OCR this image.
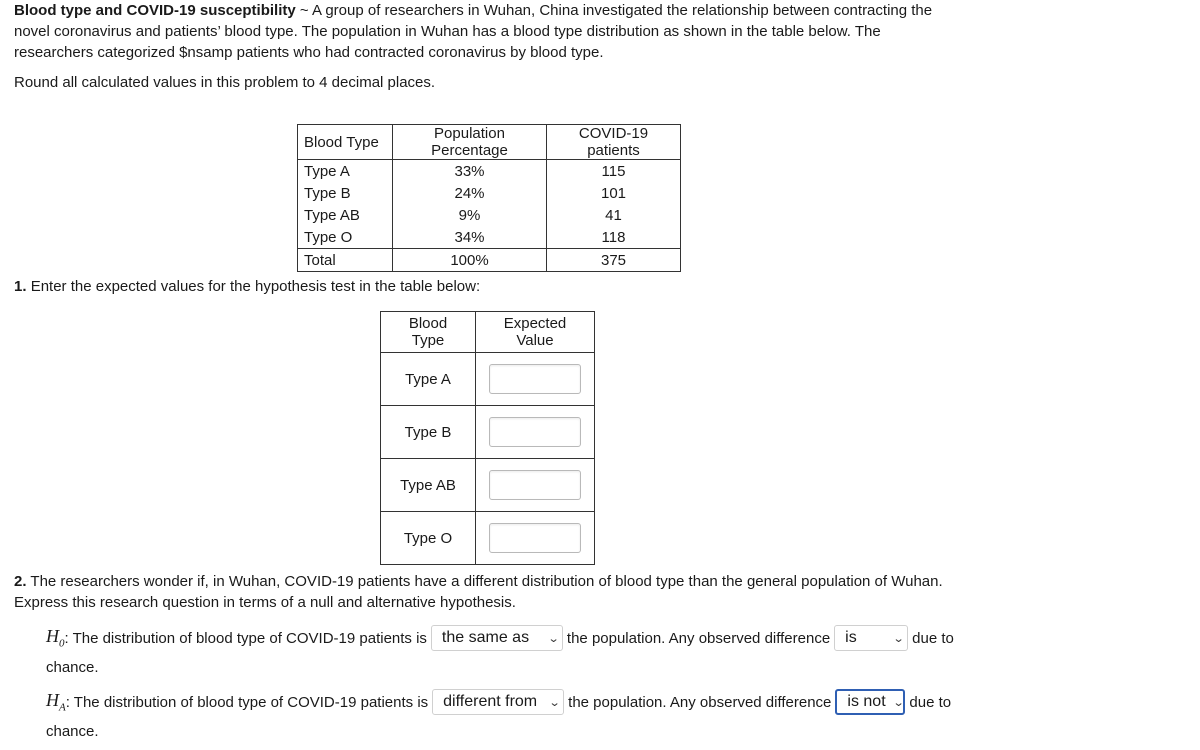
Blood type and COVID-19 susceptibility ~ A group of researchers in Wuhan, China investigated the relationship between contracting the novel coronavirus and patients’ blood type. The population in Wuhan has a blood type distribution as shown in the table below. The researchers categorized $nsamp patients who had contracted coronavirus by blood type.
Round all calculated values in this problem to 4 decimal places.
Blood Type	Population Percentage	COVID-19 patients
Type A	33%	115
Type B	24%	101
Type AB	9%	41
Type O	34%	118
Total	100%	375
1. Enter the expected values for the hypothesis test in the table below:
Blood Type	Expected Value
Type A	
Type B	
Type AB	
Type O	
2. The researchers wonder if, in Wuhan, COVID-19 patients have a different distribution of blood type than the general population of Wuhan. Express this research question in terms of a null and alternative hypothesis.
$H_0$ : The distribution of blood type of COVID-19 patients is the same as ⌄ the population. Any observed difference is	⌄ due to
chance.
$H_A$ : The distribution of blood type of COVID-19 patients is different from ⌄ the population. Any observed difference is not ⌄ due to
chance.
